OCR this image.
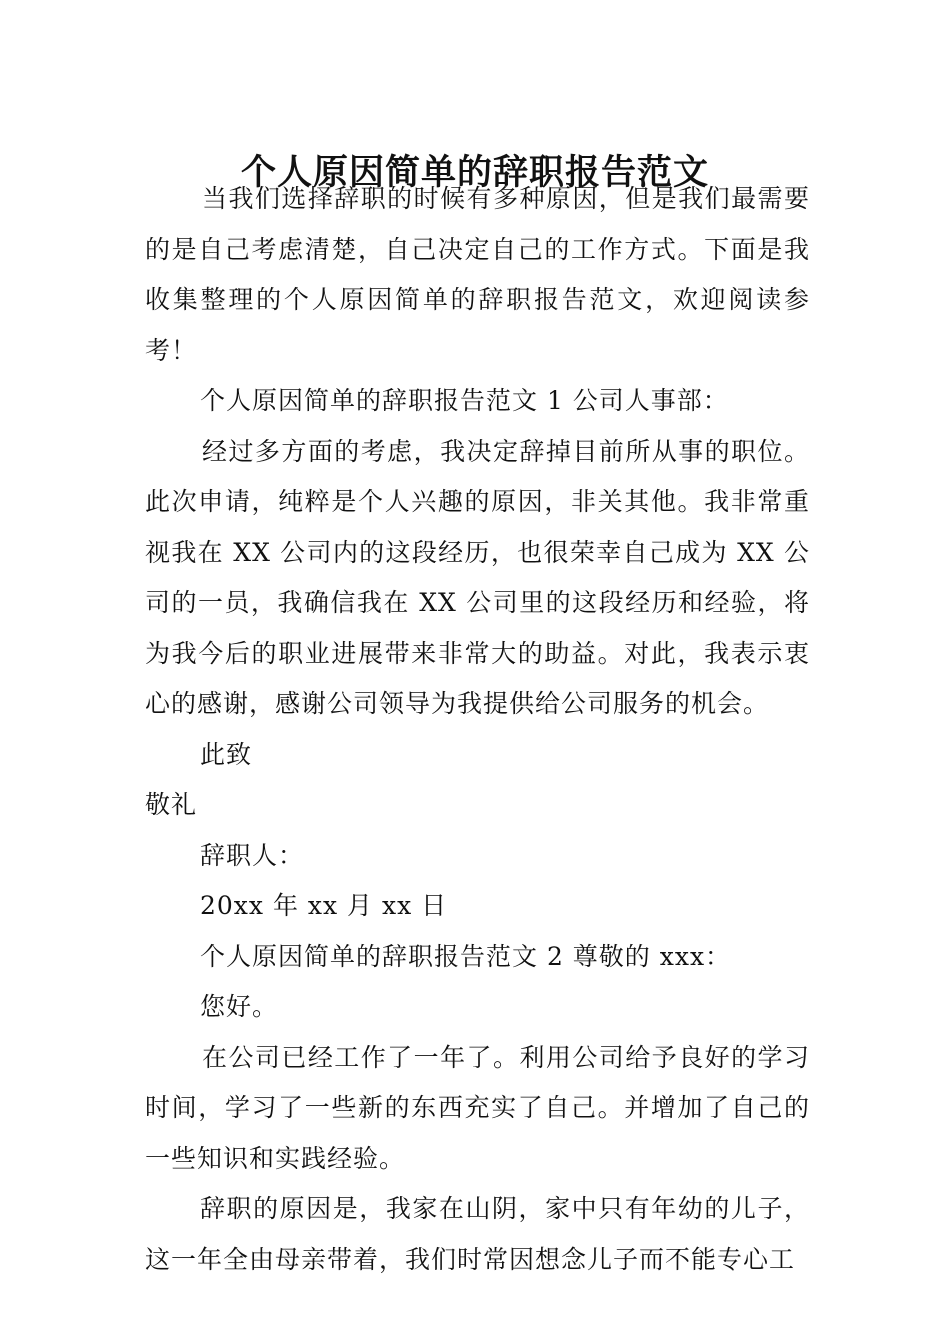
个人原因简单的辞职报告范文

当我们选择辞职的时候有多种原因，但是我们最需要的是自己考虑清楚，自己决定自己的工作方式。下面是我收集整理的个人原因简单的辞职报告范文，欢迎阅读参考！

个人原因简单的辞职报告范文 1 公司人事部：

经过多方面的考虑，我决定辞掉目前所从事的职位。此次申请，纯粹是个人兴趣的原因，非关其他。我非常重视我在 XX 公司内的这段经历，也很荣幸自己成为 XX 公司的一员，我确信我在 XX 公司里的这段经历和经验，将为我今后的职业进展带来非常大的助益。对此，我表示衷心的感谢，感谢公司领导为我提供给公司服务的机会。

此致

敬礼

辞职人：

20xx 年 xx 月 xx 日

个人原因简单的辞职报告范文 2 尊敬的 xxx：

您好。

在公司已经工作了一年了。利用公司给予良好的学习时间，学习了一些新的东西充实了自己。并增加了自己的一些知识和实践经验。

辞职的原因是，我家在山阴，家中只有年幼的儿子，这一年全由母亲带着，我们时常因想念儿子而不能专心工
